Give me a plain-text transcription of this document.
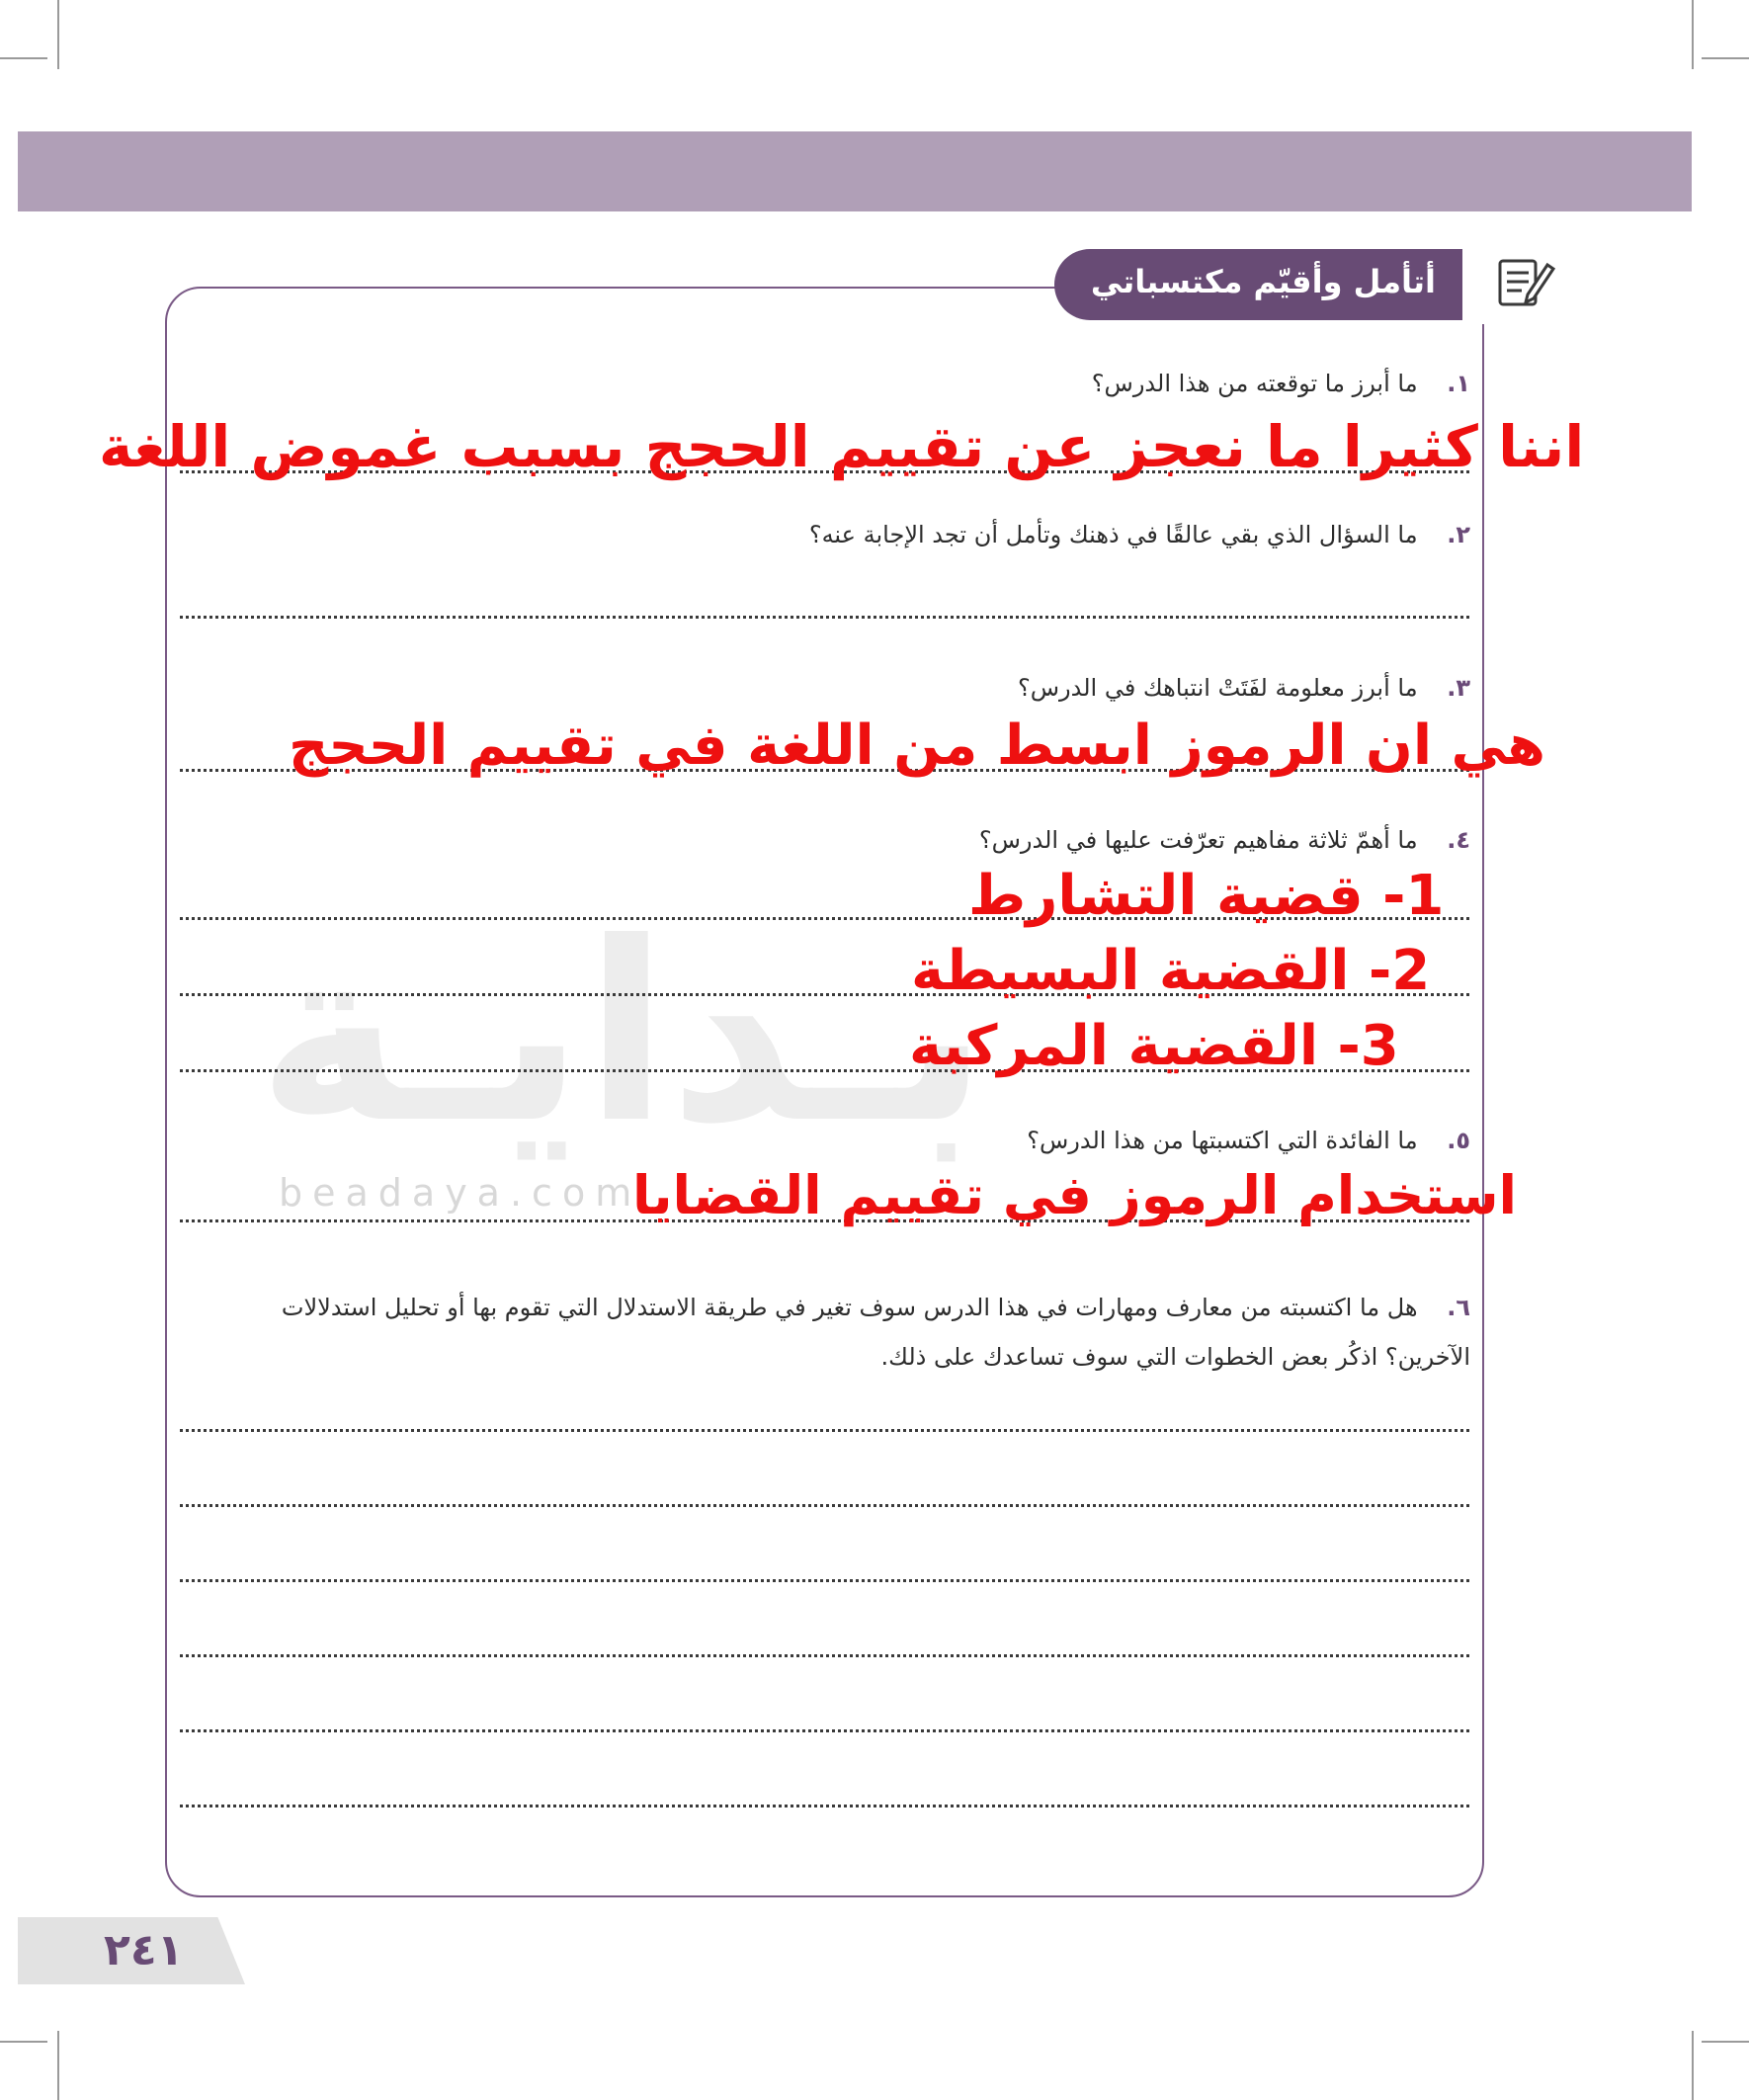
بـدايـة
beadaya.com
أتأمل وأقيّم مكتسباتي
١. ما أبرز ما توقعته من هذا الدرس؟
اننا كثيرا ما نعجز عن تقييم الحجج بسبب غموض اللغة
٢. ما السؤال الذي بقي عالقًا في ذهنك وتأمل أن تجد الإجابة عنه؟
٣. ما أبرز معلومة لفَتَتْ انتباهك في الدرس؟
هي ان الرموز ابسط من اللغة في تقييم الحجج
٤. ما أهمّ ثلاثة مفاهيم تعرّفت عليها في الدرس؟
1- قضية التشارط
2- القضية البسيطة
3- القضية المركبة
٥. ما الفائدة التي اكتسبتها من هذا الدرس؟
استخدام الرموز في تقييم القضايا
٦. هل ما اكتسبته من معارف ومهارات في هذا الدرس سوف تغير في طريقة الاستدلال التي تقوم بها أو تحليل استدلالات الآخرين؟ اذكُر بعض الخطوات التي سوف تساعدك على ذلك.
٢٤١
